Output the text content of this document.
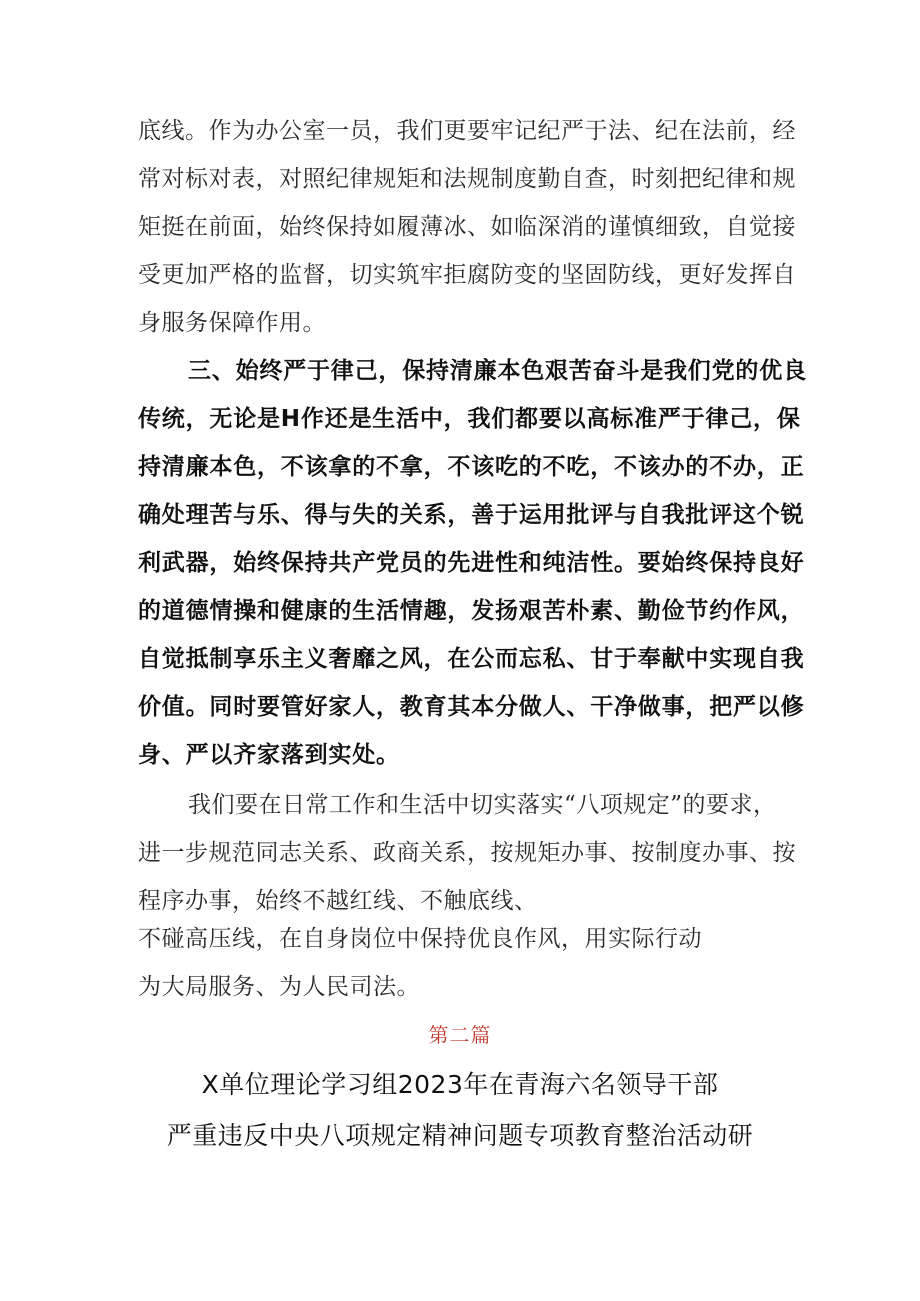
底线。作为办公室一员，我们更要牢记纪严于法、纪在法前，经
常对标对表，对照纪律规矩和法规制度勤自查，时刻把纪律和规
矩挺在前面，始终保持如履薄冰、如临深消的谨慎细致，自觉接
受更加严格的监督，切实筑牢拒腐防变的坚固防线，更好发挥自
身服务保障作用。
三、始终严于律己，保持清廉本色艰苦奋斗是我们党的优良
传统，无论是H作还是生活中，我们都要以高标准严于律己，保
持清廉本色，不该拿的不拿，不该吃的不吃，不该办的不办，正
确处理苦与乐、得与失的关系，善于运用批评与自我批评这个锐
利武器，始终保持共产党员的先进性和纯洁性。要始终保持良好
的道德情操和健康的生活情趣，发扬艰苦朴素、勤俭节约作风，
自觉抵制享乐主义奢靡之风，在公而忘私、甘于奉献中实现自我
价值。同时要管好家人，教育其本分做人、干净做事，把严以修
身、严以齐家落到实处。
我们要在日常工作和生活中切实落实“八项规定”的要求，
进一步规范同志关系、政商关系，按规矩办事、按制度办事、按
程序办事，始终不越红线、不触底线、
不碰高压线，在自身岗位中保持优良作风，用实际行动
为大局服务、为人民司法。
第二篇
X单位理论学习组2023年在青海六名领导干部
严重违反中央八项规定精神问题专项教育整治活动研
